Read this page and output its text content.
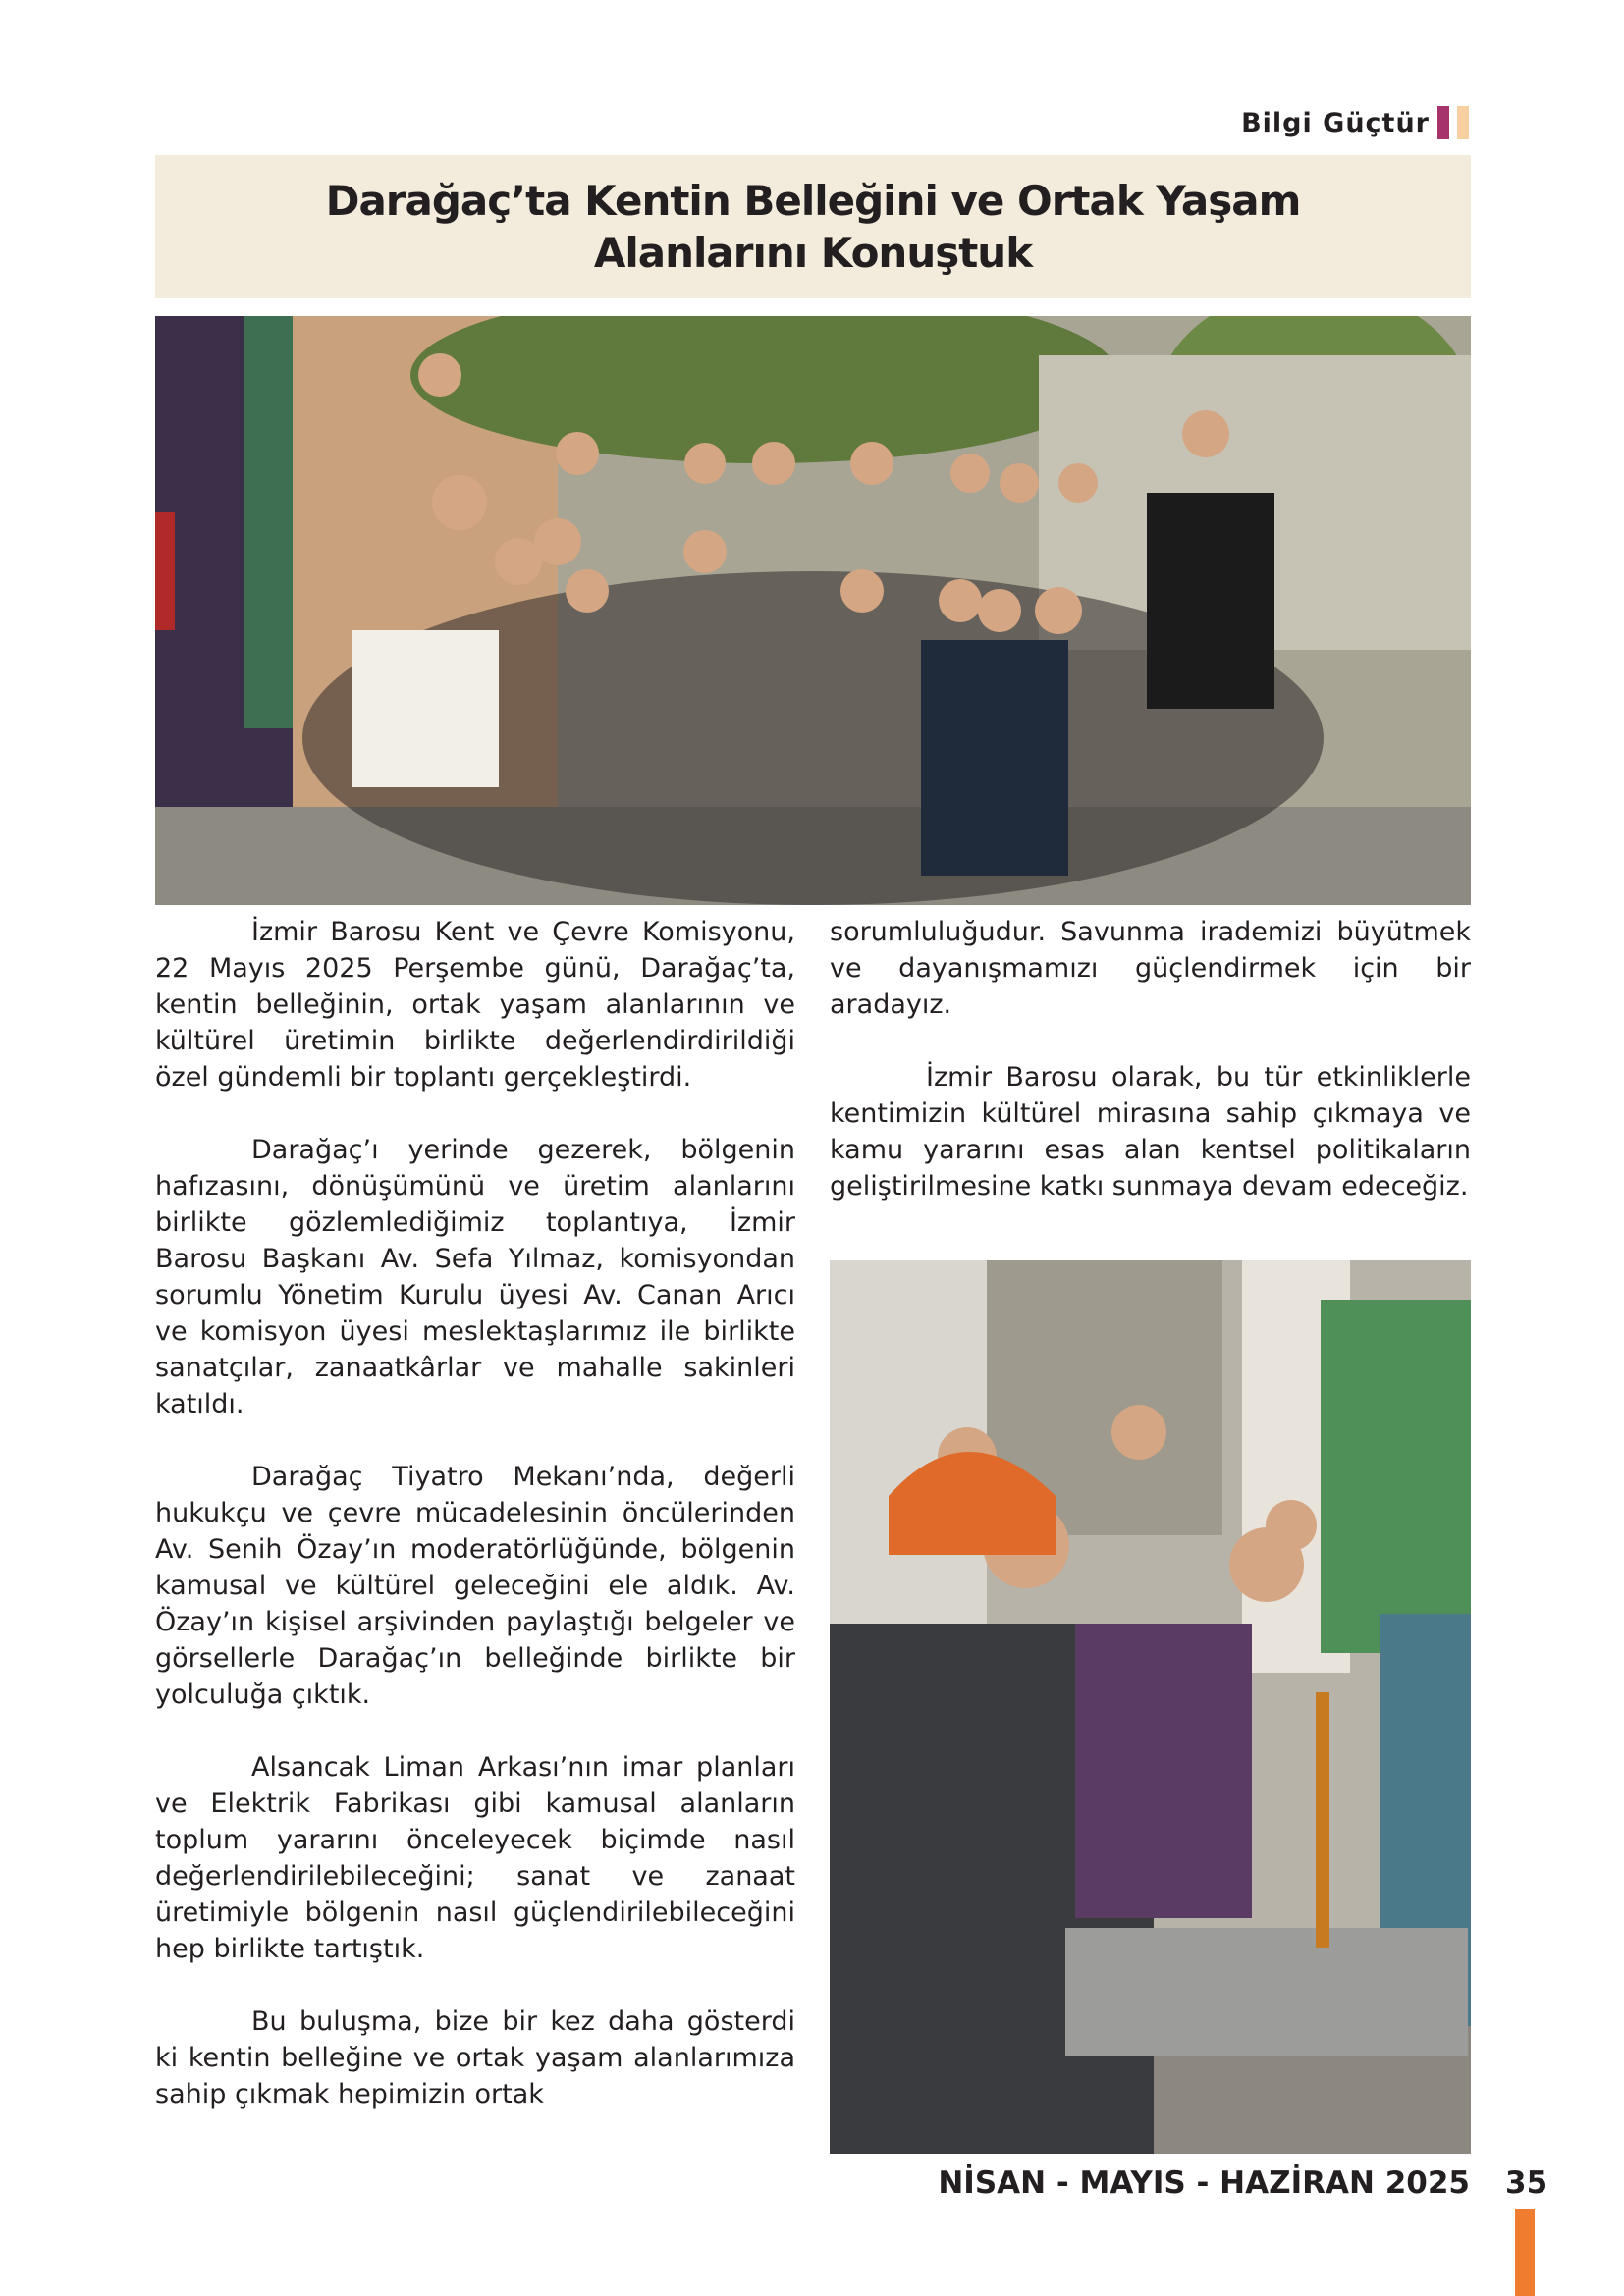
Bilgi Güçtür
Darağaç’ta Kentin Belleğini ve Ortak Yaşam Alanlarını Konuştuk

İzmir Barosu Kent ve Çevre Komisyonu, 22 Mayıs 2025 Perşembe günü, Darağaç’ta, kentin belleğinin, ortak yaşam alanlarının ve kültürel üretimin birlikte değerlendirdirildiği özel gündemli bir toplantı gerçekleştirdi.

Darağaç’ı yerinde gezerek, bölgenin hafızasını, dönüşümünü ve üretim alanlarını birlikte gözlemlediğimiz toplantıya, İzmir Barosu Başkanı Av. Sefa Yılmaz, komisyondan sorumlu Yönetim Kurulu üyesi Av. Canan Arıcı ve komisyon üyesi meslektaşlarımız ile birlikte sanatçılar, zanaatkârlar ve mahalle sakinleri katıldı.

Darağaç Tiyatro Mekanı’nda, değerli hukukçu ve çevre mücadelesinin öncülerinden Av. Senih Özay’ın moderatörlüğünde, bölgenin kamusal ve kültürel geleceğini ele aldık. Av. Özay’ın kişisel arşivinden paylaştığı belgeler ve görsellerle Darağaç’ın belleğinde birlikte bir yolculuğa çıktık.

Alsancak Liman Arkası’nın imar planları ve Elektrik Fabrikası gibi kamusal alanların toplum yararını önceleyecek biçimde nasıl değerlendirilebileceğini; sanat ve zanaat üretimiyle bölgenin nasıl güçlendirilebileceğini hep birlikte tartıştık.

Bu buluşma, bize bir kez daha gösterdi ki kentin belleğine ve ortak yaşam alanlarımıza sahip çıkmak hepimizin ortak

sorumluluğudur. Savunma irademizi büyütmek ve dayanışmamızı güçlendirmek için bir aradayız.

İzmir Barosu olarak, bu tür etkinliklerle kentimizin kültürel mirasına sahip çıkmaya ve kamu yararını esas alan kentsel politikaların geliştirilmesine katkı sunmaya devam edeceğiz.

NİSAN - MAYIS - HAZİRAN 2025 35
